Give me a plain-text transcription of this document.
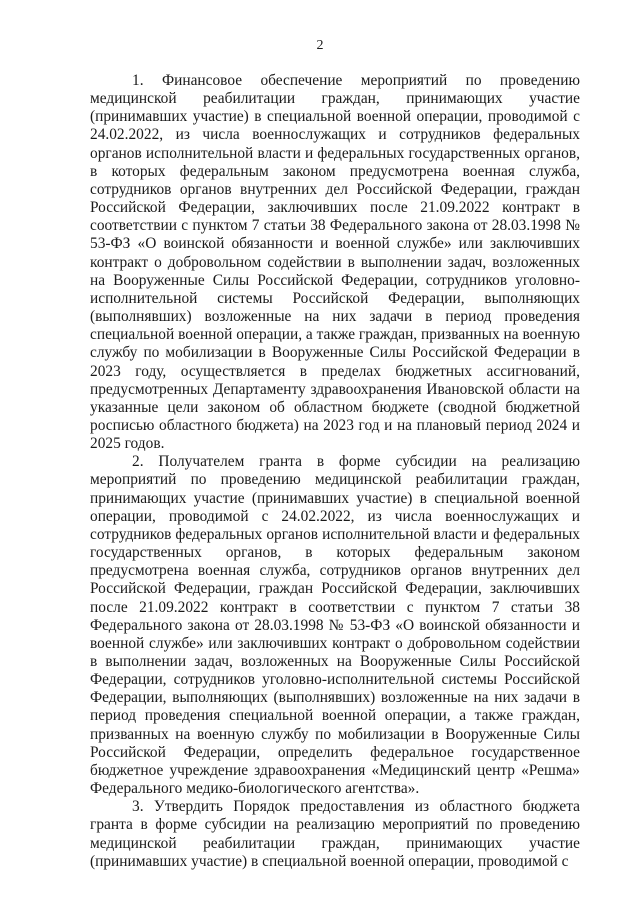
2

1. Финансовое обеспечение мероприятий по проведению медицинской реабилитации граждан, принимающих участие (принимавших участие) в специальной военной операции, проводимой с 24.02.2022, из числа военнослужащих и сотрудников федеральных органов исполнительной власти и федеральных государственных органов, в которых федеральным законом предусмотрена военная служба, сотрудников органов внутренних дел Российской Федерации, граждан Российской Федерации, заключивших после 21.09.2022 контракт в соответствии с пунктом 7 статьи 38 Федерального закона от 28.03.1998 № 53-ФЗ «О воинской обязанности и военной службе» или заключивших контракт о добровольном содействии в выполнении задач, возложенных на Вооруженные Силы Российской Федерации, сотрудников уголовно-исполнительной системы Российской Федерации, выполняющих (выполнявших) возложенные на них задачи в период проведения специальной военной операции, а также граждан, призванных на военную службу по мобилизации в Вооруженные Силы Российской Федерации в 2023 году, осуществляется в пределах бюджетных ассигнований, предусмотренных Департаменту здравоохранения Ивановской области на указанные цели законом об областном бюджете (сводной бюджетной росписью областного бюджета) на 2023 год и на плановый период 2024 и 2025 годов.

2. Получателем гранта в форме субсидии на реализацию мероприятий по проведению медицинской реабилитации граждан, принимающих участие (принимавших участие) в специальной военной операции, проводимой с 24.02.2022, из числа военнослужащих и сотрудников федеральных органов исполнительной власти и федеральных государственных органов, в которых федеральным законом предусмотрена военная служба, сотрудников органов внутренних дел Российской Федерации, граждан Российской Федерации, заключивших после 21.09.2022 контракт в соответствии с пунктом 7 статьи 38 Федерального закона от 28.03.1998 № 53-ФЗ «О воинской обязанности и военной службе» или заключивших контракт о добровольном содействии в выполнении задач, возложенных на Вооруженные Силы Российской Федерации, сотрудников уголовно-исполнительной системы Российской Федерации, выполняющих (выполнявших) возложенные на них задачи в период проведения специальной военной операции, а также граждан, призванных на военную службу по мобилизации в Вооруженные Силы Российской Федерации, определить федеральное государственное бюджетное учреждение здравоохранения «Медицинский центр «Решма» Федерального медико-биологического агентства».

3. Утвердить Порядок предоставления из областного бюджета гранта в форме субсидии на реализацию мероприятий по проведению медицинской реабилитации граждан, принимающих участие (принимавших участие) в специальной военной операции, проводимой с
